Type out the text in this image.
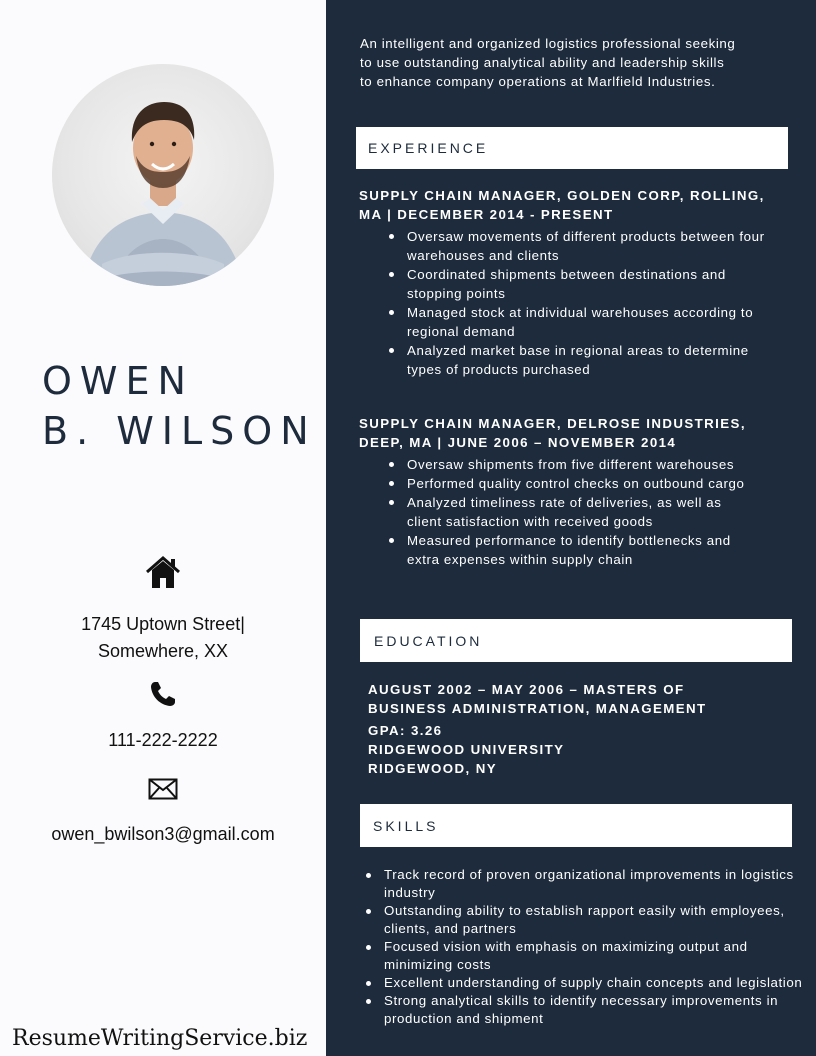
OWEN
B. WILSON
1745 Uptown Street|
Somewhere, XX
111-222-2222
owen_bwilson3@gmail.com
ResumeWritingService.biz
An intelligent and organized logistics professional seeking to use outstanding analytical ability and leadership skills to enhance company operations at Marlfield Industries.
EXPERIENCE
SUPPLY CHAIN MANAGER, GOLDEN CORP, ROLLING, MA | DECEMBER 2014 - PRESENT
Oversaw movements of different products between four warehouses and clients
Coordinated shipments between destinations and stopping points
Managed stock at individual warehouses according to regional demand
Analyzed market base in regional areas to determine types of products purchased
SUPPLY CHAIN MANAGER, DELROSE INDUSTRIES, DEEP, MA | JUNE 2006 – NOVEMBER 2014
Oversaw shipments from five different warehouses
Performed quality control checks on outbound cargo
Analyzed timeliness rate of deliveries, as well as client satisfaction with received goods
Measured performance to identify bottlenecks and extra expenses within supply chain
EDUCATION
AUGUST 2002 – MAY 2006 – MASTERS OF BUSINESS ADMINISTRATION, MANAGEMENT
GPA: 3.26
RIDGEWOOD UNIVERSITY
RIDGEWOOD, NY
SKILLS
Track record of proven organizational improvements in logistics industry
Outstanding ability to establish rapport easily with employees, clients, and partners
Focused vision with emphasis on maximizing output and minimizing costs
Excellent understanding of supply chain concepts and legislation
Strong analytical skills to identify necessary improvements in production and shipment
